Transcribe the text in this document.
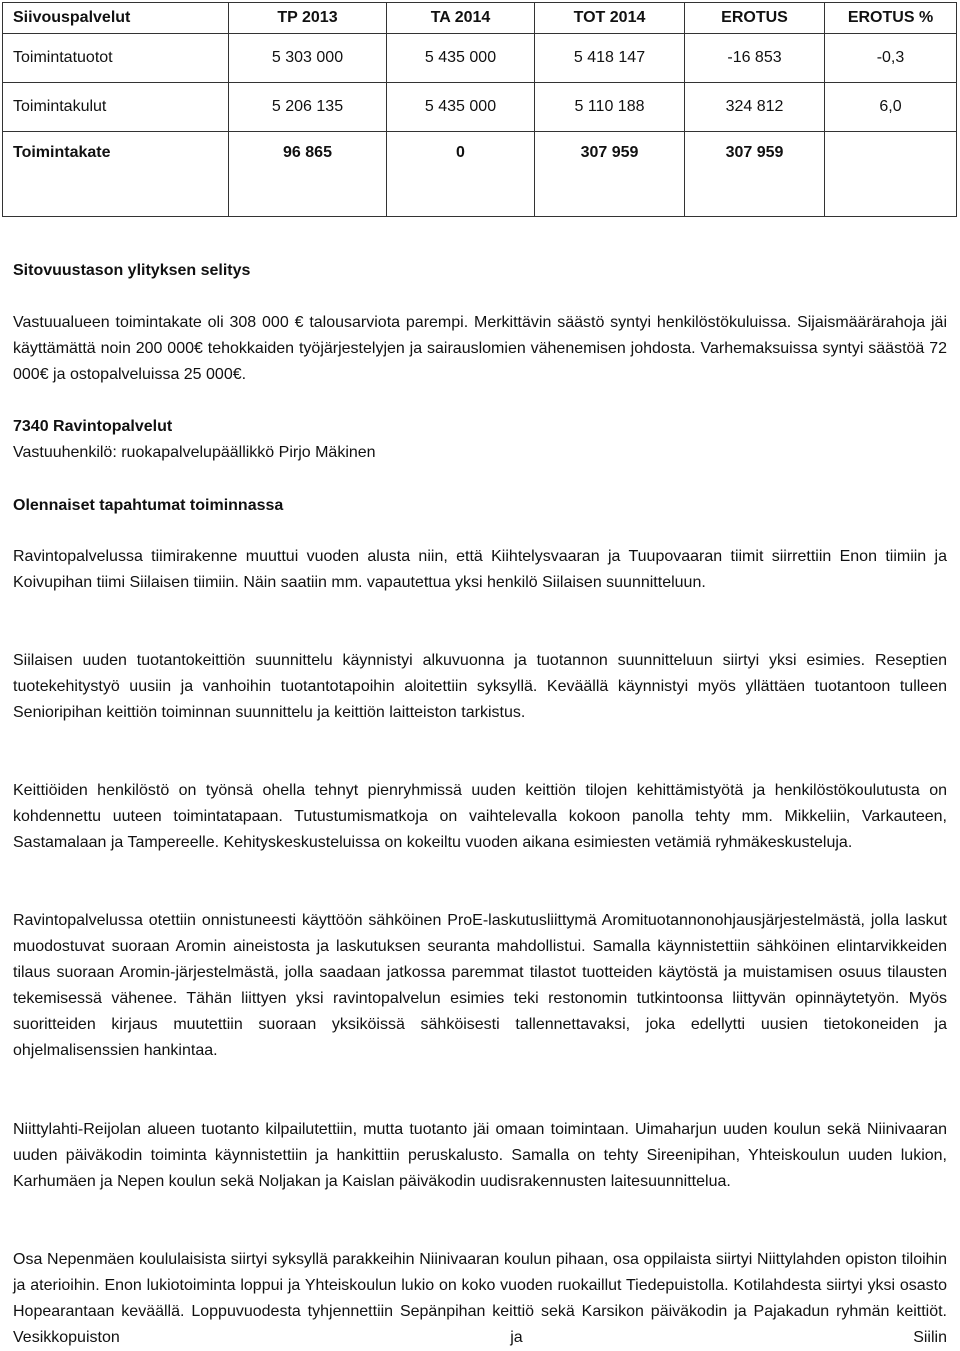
Siivouspalvelut	TP 2013	TA 2014	TOT 2014	EROTUS	EROTUS %
Toimintatuotot	5 303 000	5 435 000	5 418 147	-16 853	-0,3
Toimintakulut	5 206 135	5 435 000	5 110 188	324 812	6,0
Toimintakate	96 865	0	307 959	307 959	
Sitovuustason ylityksen selitys

Vastuualueen toimintakate oli 308 000 € talousarviota parempi. Merkittävin säästö syntyi henkilöstökuluissa. Sijaismäärärahoja jäi käyttämättä noin 200 000€ tehokkaiden työjärjestelyjen ja sairauslomien vähenemisen johdosta. Varhemaksuissa syntyi säästöä 72 000€ ja ostopalveluissa 25 000€.

7340 Ravintopalvelut
Vastuuhenkilö: ruokapalvelupäällikkö Pirjo Mäkinen
Olennaiset tapahtumat toiminnassa

Ravintopalvelussa tiimirakenne muuttui vuoden alusta niin, että Kiihtelysvaaran ja Tuupovaaran tiimit siirrettiin Enon tiimiin ja Koivupihan tiimi Siilaisen tiimiin. Näin saatiin mm. vapautettua yksi henkilö Siilaisen suunnitteluun.

Siilaisen uuden tuotantokeittiön suunnittelu käynnistyi alkuvuonna ja tuotannon suunnitteluun siirtyi yksi esimies. Reseptien tuotekehitystyö uusiin ja vanhoihin tuotantotapoihin aloitettiin syksyllä. Keväällä käynnistyi myös yllättäen tuotantoon tulleen Senioripihan keittiön toiminnan suunnittelu ja keittiön laitteiston tarkistus.

Keittiöiden henkilöstö on työnsä ohella tehnyt pienryhmissä uuden keittiön tilojen kehittämistyötä ja henkilöstökoulutusta on kohdennettu uuteen toimintatapaan. Tutustumismatkoja on vaihtelevalla kokoon panolla tehty mm. Mikkeliin, Varkauteen, Sastamalaan ja Tampereelle. Kehityskeskusteluissa on kokeiltu vuoden aikana esimiesten vetämiä ryhmäkeskusteluja.

Ravintopalvelussa otettiin onnistuneesti käyttöön sähköinen ProE-laskutusliittymä Aromituotannonohjausjärjestelmästä, jolla laskut muodostuvat suoraan Aromin aineistosta ja laskutuksen seuranta mahdollistui. Samalla käynnistettiin sähköinen elintarvikkeiden tilaus suoraan Aromin-järjestelmästä, jolla saadaan jatkossa paremmat tilastot tuotteiden käytöstä ja muistamisen osuus tilausten tekemisessä vähenee. Tähän liittyen yksi ravintopalvelun esimies teki restonomin tutkintoonsa liittyvän opinnäytetyön. Myös suoritteiden kirjaus muutettiin suoraan yksiköissä sähköisesti tallennettavaksi, joka edellytti uusien tietokoneiden ja ohjelmalisenssien hankintaa.

Niittylahti-Reijolan alueen tuotanto kilpailutettiin, mutta tuotanto jäi omaan toimintaan. Uimaharjun uuden koulun sekä Niinivaaran uuden päiväkodin toiminta käynnistettiin ja hankittiin peruskalusto. Samalla on tehty Sireenipihan, Yhteiskoulun uuden lukion, Karhumäen ja Nepen koulun sekä Noljakan ja Kaislan päiväkodin uudisrakennusten laitesuunnittelua.

Osa Nepenmäen koululaisista siirtyi syksyllä parakkeihin Niinivaaran koulun pihaan, osa oppilaista siirtyi Niittylahden opiston tiloihin ja aterioihin. Enon lukiotoiminta loppui ja Yhteiskoulun lukio on koko vuoden ruokaillut Tiedepuistolla. Kotilahdesta siirtyi yksi osasto Hopearantaan keväällä. Loppuvuodesta tyhjennettiin Sepänpihan keittiö sekä Karsikon päiväkodin ja Pajakadun ryhmän keittiöt. Vesikkopuiston ja Siilin
